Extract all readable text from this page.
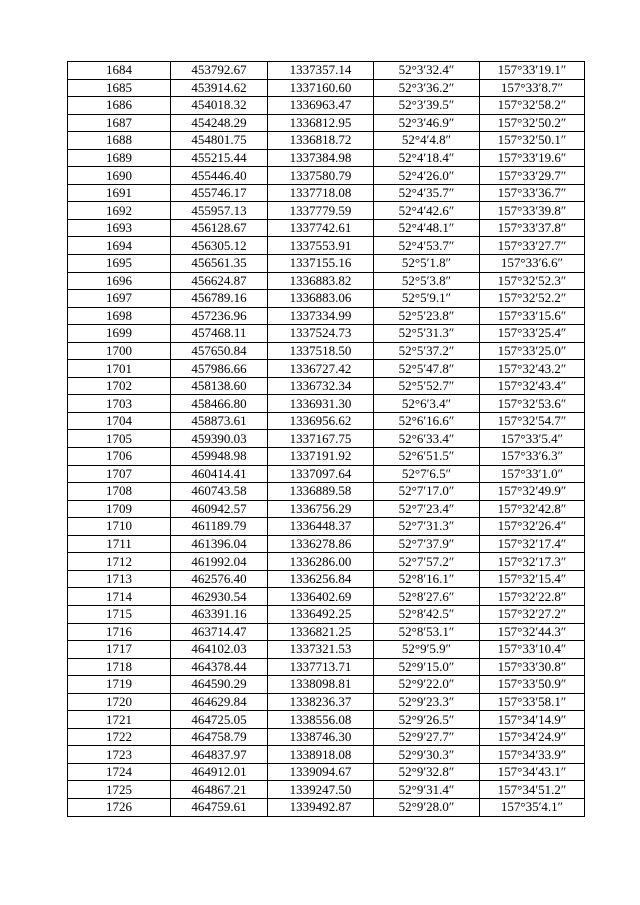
1684	453792.67	1337357.14	52°3′32.4″	157°33′19.1″
1685	453914.62	1337160.60	52°3′36.2″	157°33′8.7″
1686	454018.32	1336963.47	52°3′39.5″	157°32′58.2″
1687	454248.29	1336812.95	52°3′46.9″	157°32′50.2″
1688	454801.75	1336818.72	52°4′4.8″	157°32′50.1″
1689	455215.44	1337384.98	52°4′18.4″	157°33′19.6″
1690	455446.40	1337580.79	52°4′26.0″	157°33′29.7″
1691	455746.17	1337718.08	52°4′35.7″	157°33′36.7″
1692	455957.13	1337779.59	52°4′42.6″	157°33′39.8″
1693	456128.67	1337742.61	52°4′48.1″	157°33′37.8″
1694	456305.12	1337553.91	52°4′53.7″	157°33′27.7″
1695	456561.35	1337155.16	52°5′1.8″	157°33′6.6″
1696	456624.87	1336883.82	52°5′3.8″	157°32′52.3″
1697	456789.16	1336883.06	52°5′9.1″	157°32′52.2″
1698	457236.96	1337334.99	52°5′23.8″	157°33′15.6″
1699	457468.11	1337524.73	52°5′31.3″	157°33′25.4″
1700	457650.84	1337518.50	52°5′37.2″	157°33′25.0″
1701	457986.66	1336727.42	52°5′47.8″	157°32′43.2″
1702	458138.60	1336732.34	52°5′52.7″	157°32′43.4″
1703	458466.80	1336931.30	52°6′3.4″	157°32′53.6″
1704	458873.61	1336956.62	52°6′16.6″	157°32′54.7″
1705	459390.03	1337167.75	52°6′33.4″	157°33′5.4″
1706	459948.98	1337191.92	52°6′51.5″	157°33′6.3″
1707	460414.41	1337097.64	52°7′6.5″	157°33′1.0″
1708	460743.58	1336889.58	52°7′17.0″	157°32′49.9″
1709	460942.57	1336756.29	52°7′23.4″	157°32′42.8″
1710	461189.79	1336448.37	52°7′31.3″	157°32′26.4″
1711	461396.04	1336278.86	52°7′37.9″	157°32′17.4″
1712	461992.04	1336286.00	52°7′57.2″	157°32′17.3″
1713	462576.40	1336256.84	52°8′16.1″	157°32′15.4″
1714	462930.54	1336402.69	52°8′27.6″	157°32′22.8″
1715	463391.16	1336492.25	52°8′42.5″	157°32′27.2″
1716	463714.47	1336821.25	52°8′53.1″	157°32′44.3″
1717	464102.03	1337321.53	52°9′5.9″	157°33′10.4″
1718	464378.44	1337713.71	52°9′15.0″	157°33′30.8″
1719	464590.29	1338098.81	52°9′22.0″	157°33′50.9″
1720	464629.84	1338236.37	52°9′23.3″	157°33′58.1″
1721	464725.05	1338556.08	52°9′26.5″	157°34′14.9″
1722	464758.79	1338746.30	52°9′27.7″	157°34′24.9″
1723	464837.97	1338918.08	52°9′30.3″	157°34′33.9″
1724	464912.01	1339094.67	52°9′32.8″	157°34′43.1″
1725	464867.21	1339247.50	52°9′31.4″	157°34′51.2″
1726	464759.61	1339492.87	52°9′28.0″	157°35′4.1″
